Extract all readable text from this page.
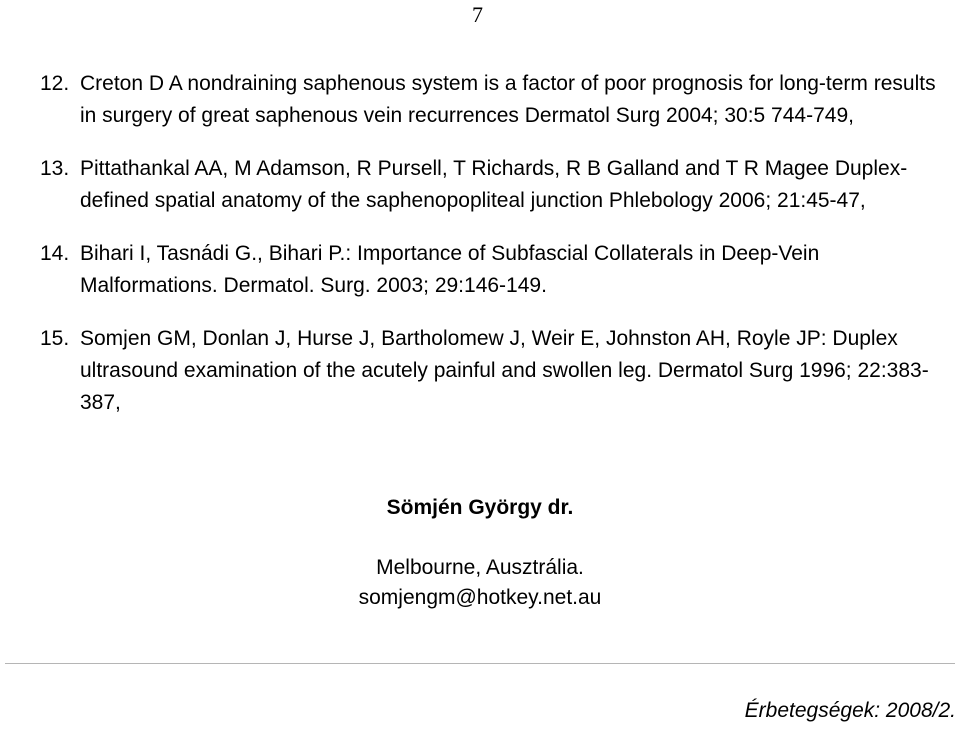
7
12. Creton D A nondraining saphenous system is a factor of poor prognosis for long-term results in surgery of great saphenous vein recurrences Dermatol Surg 2004; 30:5 744-749,
13. Pittathankal AA, M Adamson, R Pursell, T Richards, R B Galland and T R Magee Duplex-defined spatial anatomy of the saphenopopliteal junction Phlebology 2006; 21:45-47,
14. Bihari I, Tasnádi G., Bihari P.: Importance of Subfascial Collaterals in Deep-Vein Malformations. Dermatol. Surg. 2003; 29:146-149.
15. Somjen GM, Donlan J, Hurse J, Bartholomew J, Weir E, Johnston AH, Royle JP: Duplex ultrasound examination of the acutely painful and swollen leg. Dermatol Surg 1996; 22:383-387,
Sömjén György dr.
Melbourne, Ausztrália.
somjengm@hotkey.net.au
Érbetegségek: 2008/2.
